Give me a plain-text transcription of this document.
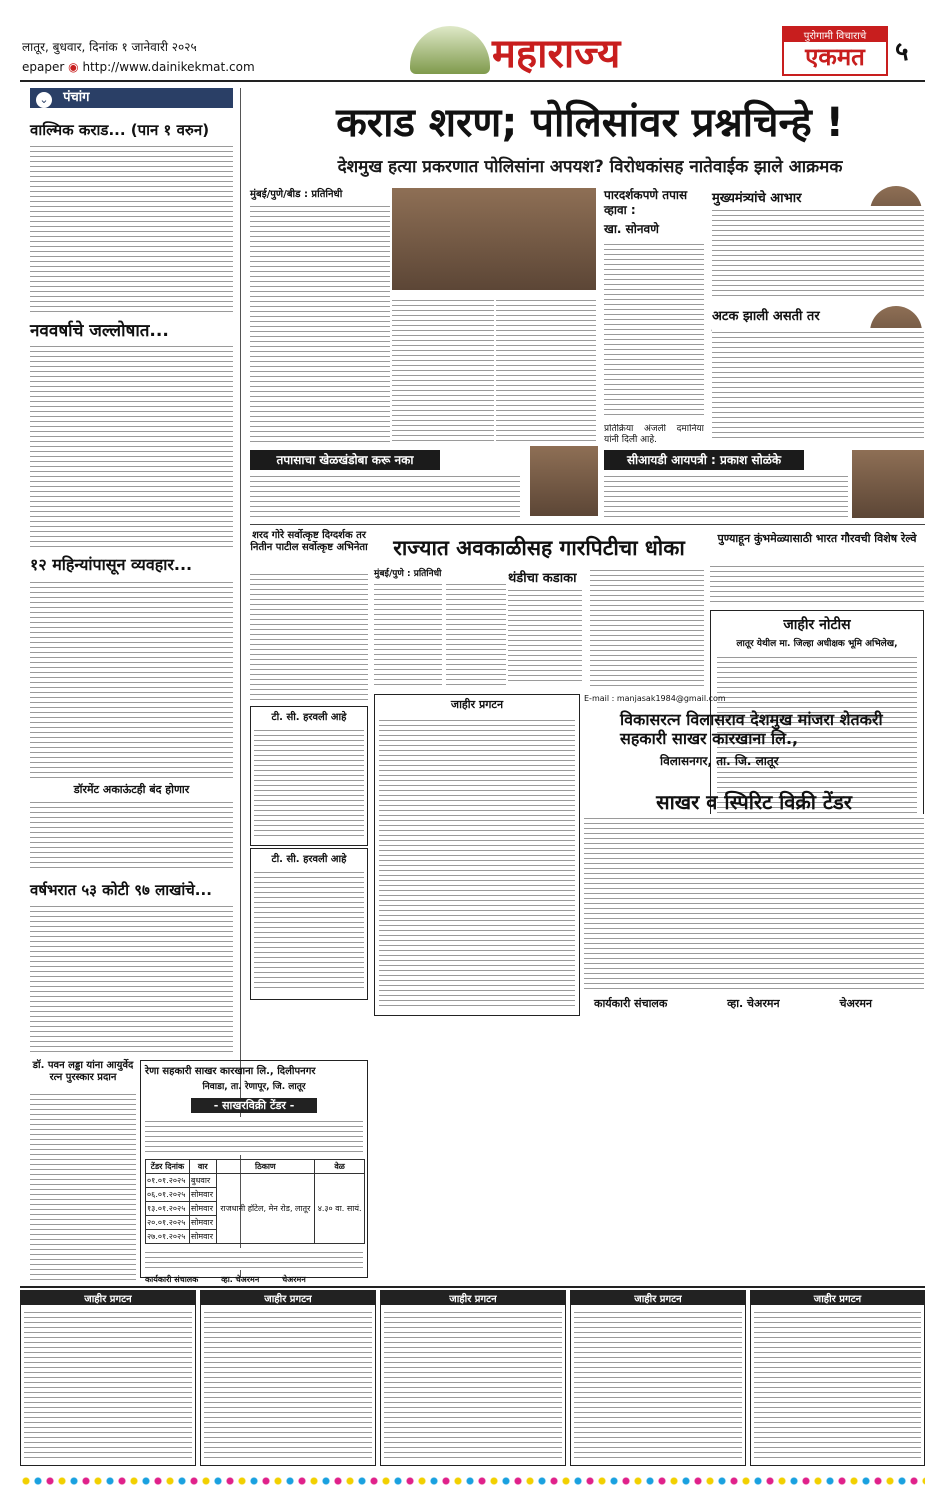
लातूर, बुधवार, दिनांक १ जानेवारी २०२५
epaper ◉ http://www.dainikekmat.com	महाराज्य	पुरोगामी विचाराचे
एकमत	५
⌄ $^{पंचांग}$
वाल्मिक कराड... (पान १ वरुन)
नववर्षाचे जल्लोषात...
१२ महिन्यांपासून व्यवहार...
डॉरमेंट अकाऊंटही बंद होणार
वर्षभरात ५३ कोटी ९७ लाखांचे...
कराड शरण; पोलिसांवर प्रश्नचिन्हे !
देशमुख हत्या प्रकरणात पोलिसांना अपयश? विरोधकांसह नातेवाईक झाले आक्रमक
मुंबई/पुणे/बीड : प्रतिनिधी	पारदर्शकपणे तपास व्हावा :
खा. सोनवणे
प्रतिक्रिया अंजली दमानिया यांनी दिली आहे.
मुख्यमंत्र्यांचे आभार
अटक झाली असती तर
तपासाचा खेळखंडोबा करू नका	सीआयडी आयपत्री : प्रकाश सोळंके
शरद गोरे सर्वोत्कृष्ट दिग्दर्शक तर नितीन पाटील सर्वोत्कृष्ट अभिनेता
टी. सी. हरवली आहे
टी. सी. हरवली आहे
राज्यात अवकाळीसह गारपिटीचा धोका
मुंबई/पुणे : प्रतिनिधी	थंडीचा कडाका
पुण्याहून कुंभमेळ्यासाठी भारत गौरवची विशेष रेल्वे
जाहीर नोटीस
लातूर येथील मा. जिल्हा अधीक्षक भूमि अभिलेख,
जाहीर प्रगटन	E-mail : manjasak1984@gmail.com
विकासरत्न विलासराव देशमुख मांजरा शेतकरी सहकारी साखर कारखाना लि.,
विलासनगर, ता. जि. लातूर
साखर व स्पिरिट विक्री टेंडर
कार्यकारी संचालक	व्हा. चेअरमन	चेअरमन
डॉ. पवन लड्डा यांना आयुर्वेद रत्न पुरस्कार प्रदान
रेणा सहकारी साखर कारखाना लि., दिलीपनगर
निवाडा, ता. रेणापूर, जि. लातूर
- साखरविक्री टेंडर -
टेंडर दिनांक	वार	ठिकाण	वेळ
०१.०१.२०२५	बुधवार	राजधानी हॉटेल, मेन रोड, लातूर	४.३० वा. सायं.
०६.०१.२०२५	सोमवार		
१३.०१.२०२५	सोमवार		
२०.०१.२०२५	सोमवार		
२७.०१.२०२५	सोमवार		
कार्यकारी संचालक	व्हा. चेअरमन	चेअरमन
जाहीर प्रगटन	जाहीर प्रगटन	जाहीर प्रगटन	जाहीर प्रगटन	जाहीर प्रगटन
